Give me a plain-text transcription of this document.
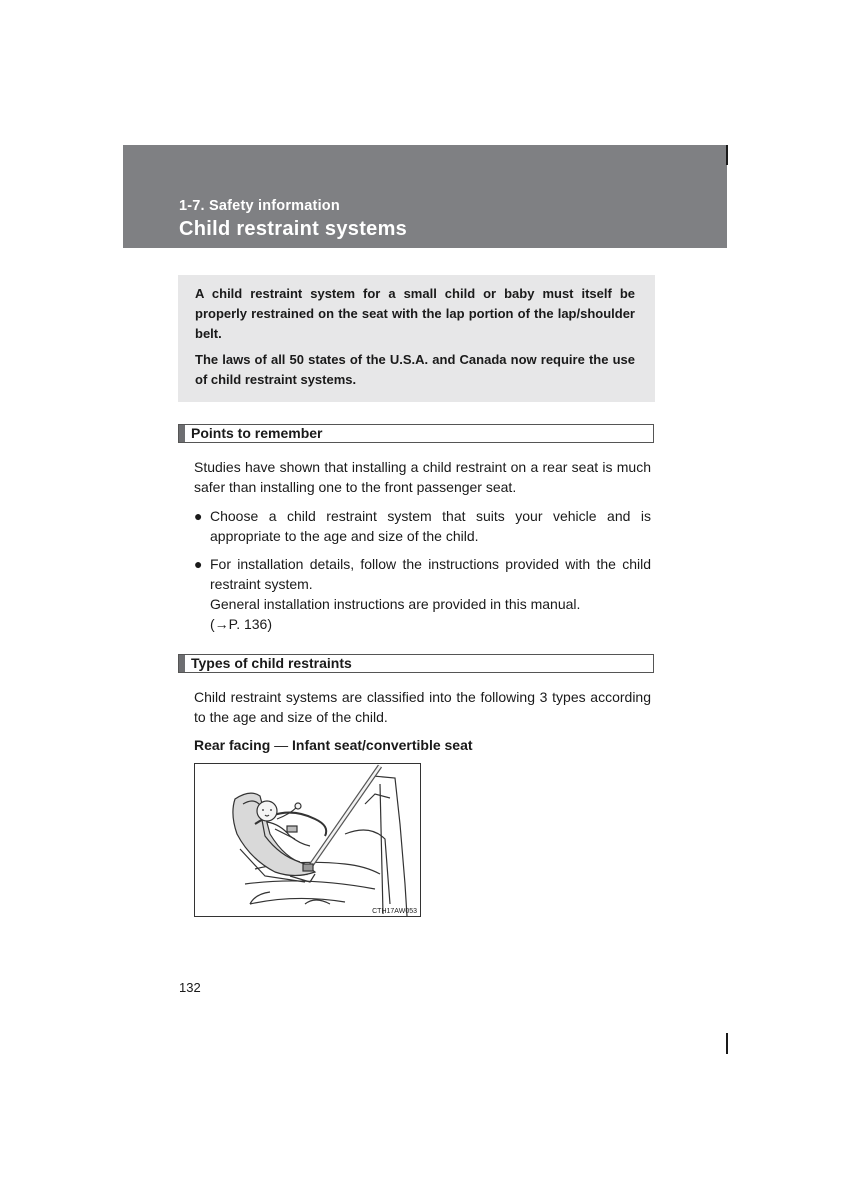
1-7. Safety information
Child restraint systems

A child restraint system for a small child or baby must itself be properly restrained on the seat with the lap portion of the lap/shoulder belt.

The laws of all 50 states of the U.S.A. and Canada now require the use of child restraint systems.

Points to remember
Studies have shown that installing a child restraint on a rear seat is much safer than installing one to the front passenger seat.
● Choose a child restraint system that suits your vehicle and is appropriate to the age and size of the child.
● For installation details, follow the instructions provided with the child restraint system.
General installation instructions are provided in this manual.
(→P. 136)
Types of child restraints
Child restraint systems are classified into the following 3 types according to the age and size of the child.
Rear facing — Infant seat/convertible seat
CTH17AW053
132
